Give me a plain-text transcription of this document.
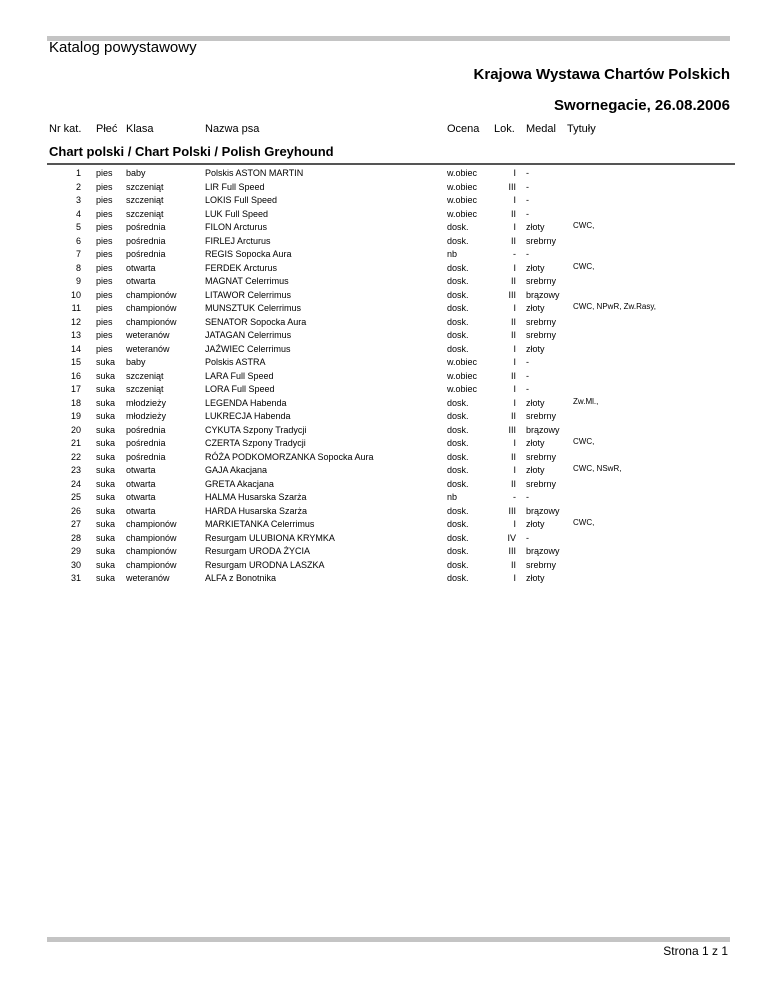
Katalog powystawowy
Krajowa Wystawa Chartów Polskich
Swornegacie, 26.08.2006
Nr kat. Płeć Klasa	Nazwa psa	Ocena Lok. Medal Tytuły
Chart polski / Chart Polski / Polish Greyhound
1 pies baby	Polskis ASTON MARTIN	w.obiec	I -
2 pies szczeniąt	LIR Full Speed	w.obiec	III -
3 pies szczeniąt	LOKIS Full Speed	w.obiec	I -
4 pies szczeniąt	LUK Full Speed	w.obiec	II -
5 pies pośrednia	FILON Arcturus	dosk.	I złoty	CWC,
6 pies pośrednia	FIRLEJ Arcturus	dosk.	II srebrny
7 pies pośrednia	REGIS Sopocka Aura	nb	- -
8 pies otwarta	FERDEK Arcturus	dosk.	I złoty	CWC,
9 pies otwarta	MAGNAT Celerrimus	dosk.	II srebrny
10 pies championów	LITAWOR Celerrimus	dosk.	III brązowy
11 pies championów	MUNSZTUK Celerrimus	dosk.	I złoty	CWC, NPwR, Zw.Rasy,
12 pies championów	SENATOR Sopocka Aura	dosk.	II srebrny
13 pies weteranów	JATAGAN Celerrimus	dosk.	II srebrny
14 pies weteranów	JAŹWIEC Celerrimus	dosk.	I złoty
15 suka baby	Polskis ASTRA	w.obiec	I -
16 suka szczeniąt	LARA Full Speed	w.obiec	II -
17 suka szczeniąt	LORA Full Speed	w.obiec	I -
18 suka młodzieży	LEGENDA Habenda	dosk.	I złoty	Zw.Ml.,
19 suka młodzieży	LUKRECJA Habenda	dosk.	II srebrny
20 suka pośrednia	CYKUTA Szpony Tradycji	dosk.	III brązowy
21 suka pośrednia	CZERTA Szpony Tradycji	dosk.	I złoty	CWC,
22 suka pośrednia	RÓŻA PODKOMORZANKA Sopocka Aura	dosk.	II srebrny
23 suka otwarta	GAJA Akacjana	dosk.	I złoty	CWC, NSwR,
24 suka otwarta	GRETA Akacjana	dosk.	II srebrny
25 suka otwarta	HALMA Husarska Szarża	nb	- -
26 suka otwarta	HARDA Husarska Szarża	dosk.	III brązowy
27 suka championów	MARKIETANKA Celerrimus	dosk.	I złoty	CWC,
28 suka championów	Resurgam ULUBIONA KRYMKA	dosk.	IV -
29 suka championów	Resurgam URODA ŻYCIA	dosk.	III brązowy
30 suka championów	Resurgam URODNA LASZKA	dosk.	II srebrny
31 suka weteranów	ALFA z Bonotnika	dosk.	I złoty
Strona 1 z 1
